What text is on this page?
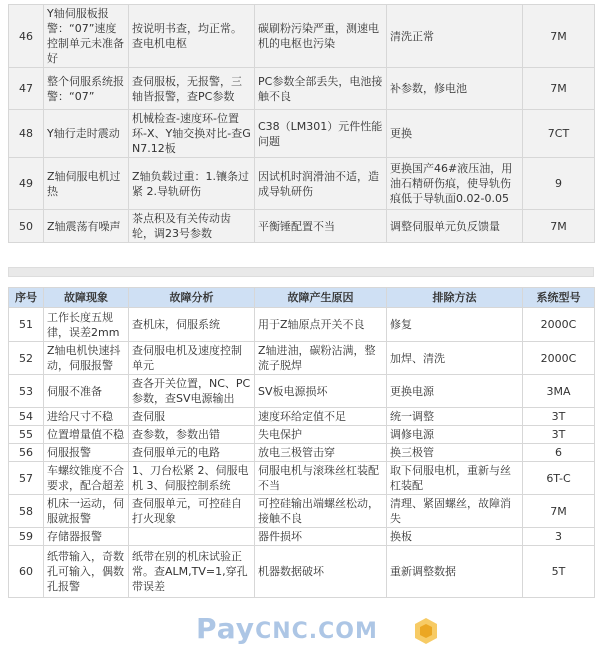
46	Y轴伺服板报警：“07”速度控制单元未准备好	按说明书查，均正常。查电机电枢	碳刷粉污染严重，测速电机的电枢也污染	清洗正常	7M
47	整个伺服系统报警：“07”	查伺服板，无报警，三轴皆报警，查PC参数	PC参数全部丢失，电池接触不良	补参数，修电池	7M
48	Y轴行走时震动	机械检查-速度环-位置环-X、Y轴交换对比-查GN7.12板	C38（LM301）元件性能问题	更换	7CT
49	Z轴伺服电机过热	Z轴负载过重：1.镶条过紧 2.导轨研伤	因试机时润滑油不适，造成导轨研伤	更换国产46#液压油，用油石精研伤痕，使导轨伤痕低于导轨面0.02-0.05	9
50	Z轴震荡有噪声	茶点积及有关传动齿轮，调23号参数	平衡锤配置不当	调整伺服单元负反馈量	7M
序号	故障现象	故障分析	故障产生原因	排除方法	系统型号
51	工作长度五规律，误差2mm	查机床，伺服系统	用于Z轴原点开关不良	修复	2000C
52	Z轴电机快速抖动，伺服报警	查伺服电机及速度控制单元	Z轴进油，碳粉沾满，整流子脱焊	加焊、清洗	2000C
53	伺服不准备	查各开关位置，NC、PC参数，查SV电源输出	SV板电源损坏	更换电源	3MA
54	进给尺寸不稳	查伺服	速度环给定值不足	统一调整	3T
55	位置增量值不稳	查参数，参数出错	失电保护	调修电源	3T
56	伺服报警	查伺服单元的电路	放电三极管击穿	换三极管	6
57	车螺纹锥度不合要求，配合超差	1、刀台松紧 2、伺服电机 3、伺服控制系统	伺服电机与滚珠丝杠装配不当	取下伺服电机，重新与丝杠装配	6T-C
58	机床一运动，伺服就报警	查伺服单元，可控硅自打火现象	可控硅输出端螺丝松动，接触不良	清理、紧固螺丝，故障消失	7M
59	存储器报警		器件损坏	换板	3
60	纸带输入，奇数孔可输入，偶数孔报警	纸带在别的机床试验正常。查ALM,TV=1,穿孔带误差	机器数据破坏	重新调整数据	5T
PayCNC.COM
